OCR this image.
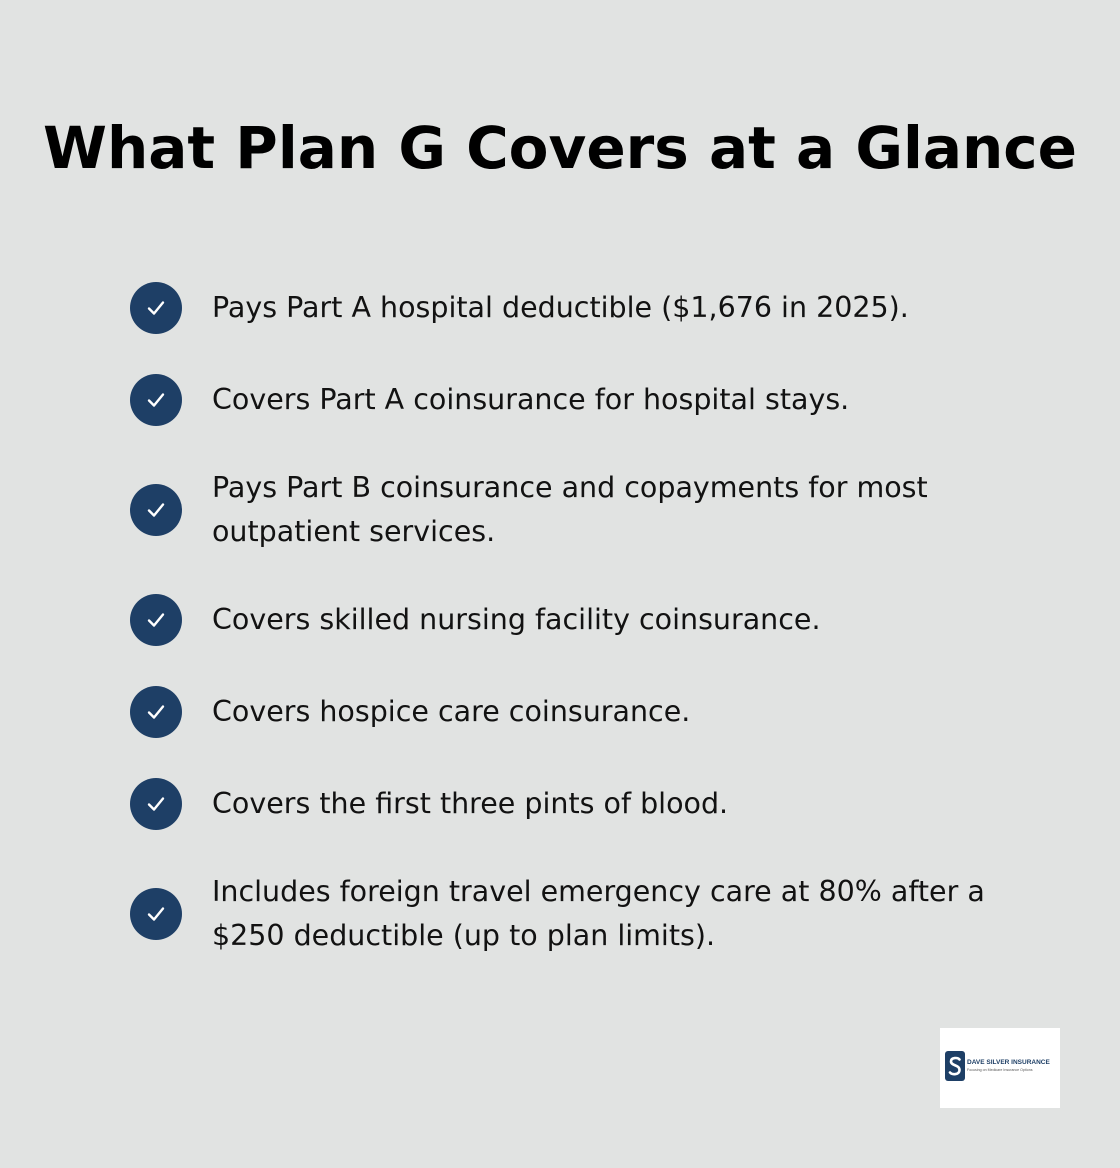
What Plan G Covers at a Glance

Pays Part A hospital deductible ($1,676 in 2025).

Covers Part A coinsurance for hospital stays.

Pays Part B coinsurance and copayments for most
outpatient services.

Covers skilled nursing facility coinsurance.

Covers hospice care coinsurance.

Covers the first three pints of blood.

Includes foreign travel emergency care at 80% after a
$250 deductible (up to plan limits).

DAVE SILVER INSURANCE
Focusing on Medicare Insurance Options
